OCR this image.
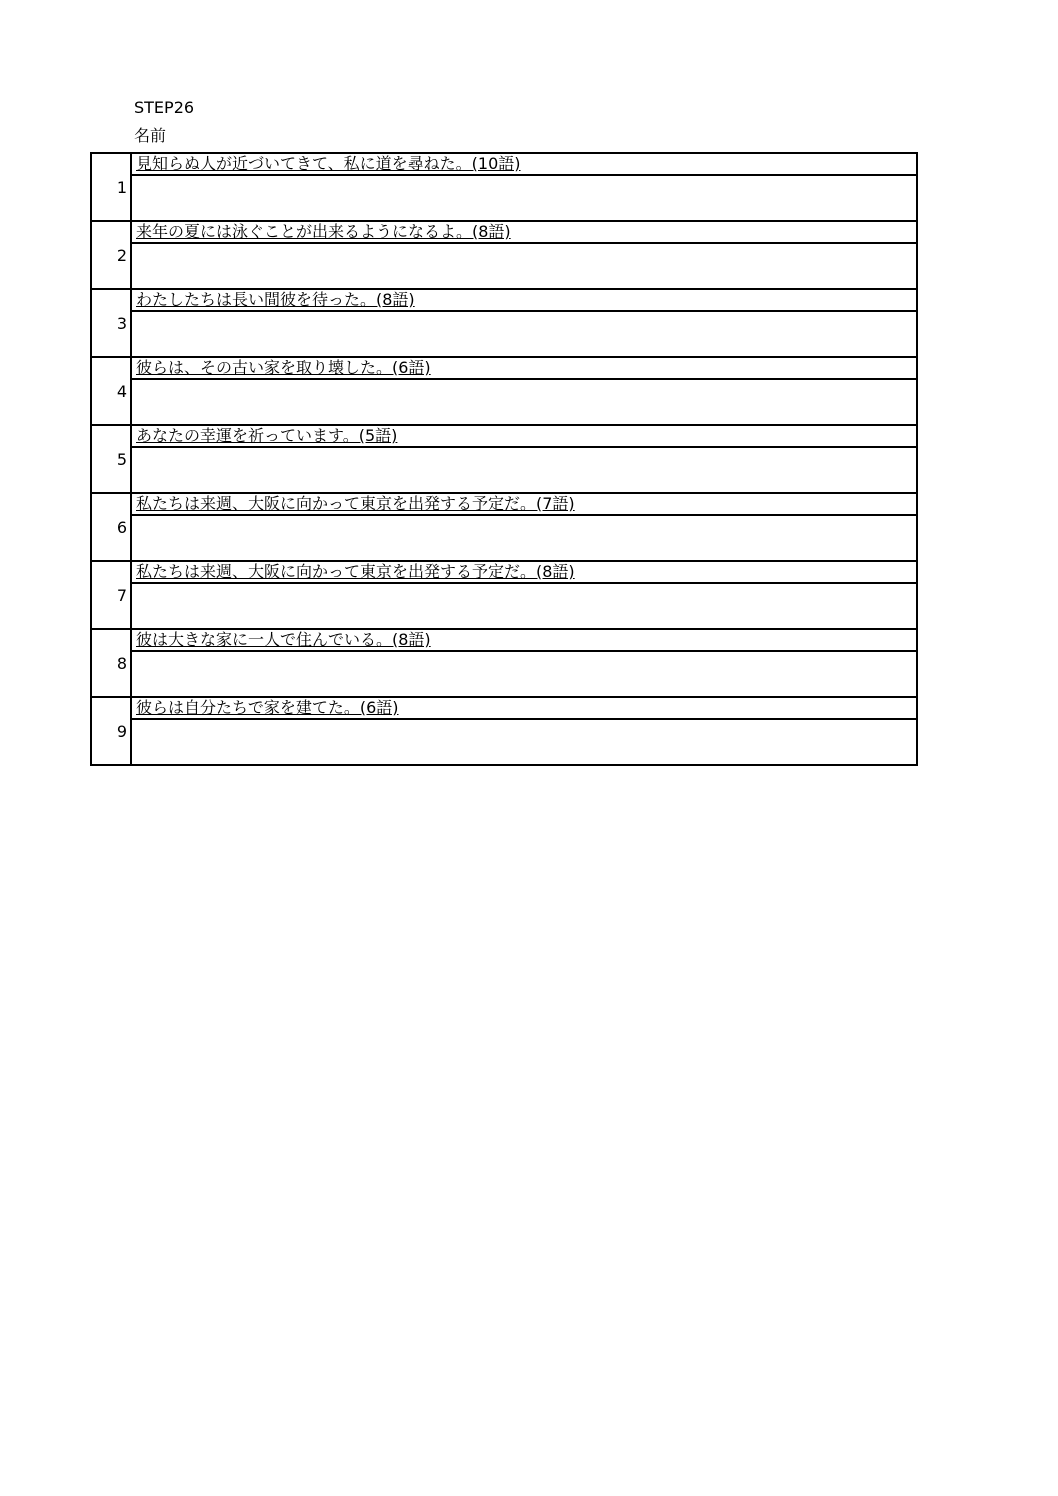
STEP26
名前
1	見知らぬ人が近づいてきて、私に道を尋ねた。(10語)

2	来年の夏には泳ぐことが出来るようになるよ。(8語)

3	わたしたちは長い間彼を待った。(8語)

4	彼らは、その古い家を取り壊した。(6語)

5	あなたの幸運を祈っています。(5語)

6	私たちは来週、大阪に向かって東京を出発する予定だ。(7語)

7	私たちは来週、大阪に向かって東京を出発する予定だ。(8語)

8	彼は大きな家に一人で住んでいる。(8語)

9	彼らは自分たちで家を建てた。(6語)
